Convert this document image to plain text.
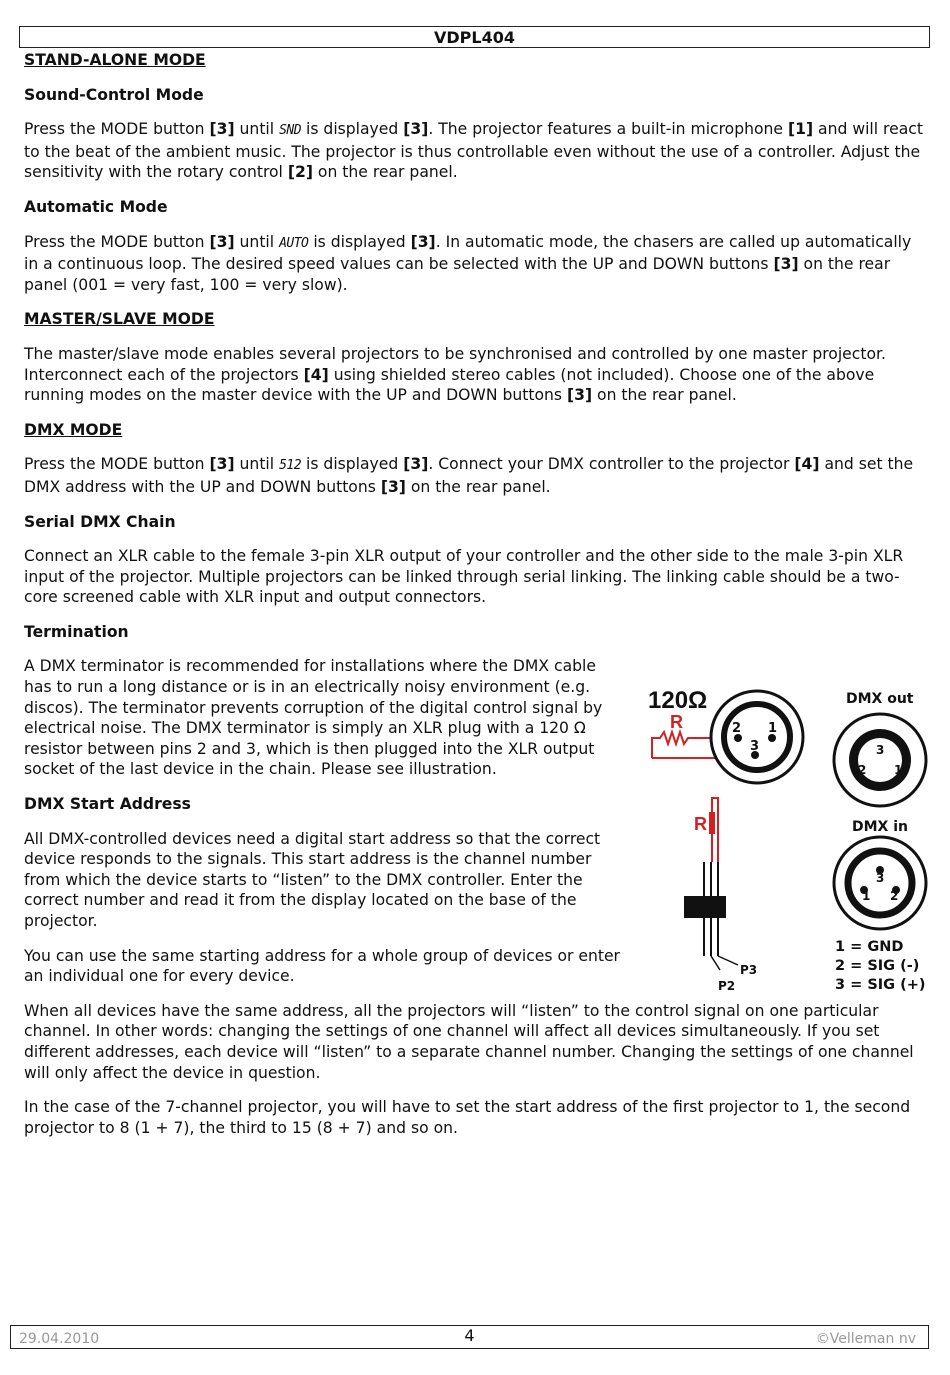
VDPL404
STAND-ALONE MODE
Sound-Control Mode

Press the MODE button [3] until SND is displayed [3]. The projector features a built-in microphone [1] and will react to the beat of the ambient music. The projector is thus controllable even without the use of a controller. Adjust the sensitivity with the rotary control [2] on the rear panel.

Automatic Mode

Press the MODE button [3] until AUTO is displayed [3]. In automatic mode, the chasers are called up automatically in a continuous loop. The desired speed values can be selected with the UP and DOWN buttons [3] on the rear panel (001 = very fast, 100 = very slow).

MASTER/SLAVE MODE

The master/slave mode enables several projectors to be synchronised and controlled by one master projector. Interconnect each of the projectors [4] using shielded stereo cables (not included). Choose one of the above running modes on the master device with the UP and DOWN buttons [3] on the rear panel.

DMX MODE

Press the MODE button [3] until 512 is displayed [3]. Connect your DMX controller to the projector [4] and set the DMX address with the UP and DOWN buttons [3] on the rear panel.

Serial DMX Chain

Connect an XLR cable to the female 3-pin XLR output of your controller and the other side to the male 3-pin XLR input of the projector. Multiple projectors can be linked through serial linking. The linking cable should be a two-core screened cable with XLR input and output connectors.

Termination

A DMX terminator is recommended for installations where the DMX cable has to run a long distance or is in an electrically noisy environment (e.g. discos). The terminator prevents corruption of the digital control signal by electrical noise. The DMX terminator is simply an XLR plug with a 120 Ω resistor between pins 2 and 3, which is then plugged into the XLR output socket of the last device in the chain. Please see illustration.

DMX Start Address

All DMX-controlled devices need a digital start address so that the correct device responds to the signals. This start address is the channel number from which the device starts to “listen” to the DMX controller. Enter the correct number and read it from the display located on the base of the projector.

You can use the same starting address for a whole group of devices or enter an individual one for every device.

When all devices have the same address, all the projectors will “listen” to the control signal on one particular channel. In other words: changing the settings of one channel will affect all devices simultaneously. If you set different addresses, each device will “listen” to a separate channel number. Changing the settings of one channel will only affect the device in question.

In the case of the 7-channel projector, you will have to set the start address of the first projector to 1, the second projector to 8 (1 + 7), the third to 15 (8 + 7) and so on.

120Ω
R	2 1
3
DMX out
3
2 1
DMX in
3
1 2
R
P3
P2
1 = GND
2 = SIG (-)
3 = SIG (+)
29.04.2010	4	©Velleman nv
